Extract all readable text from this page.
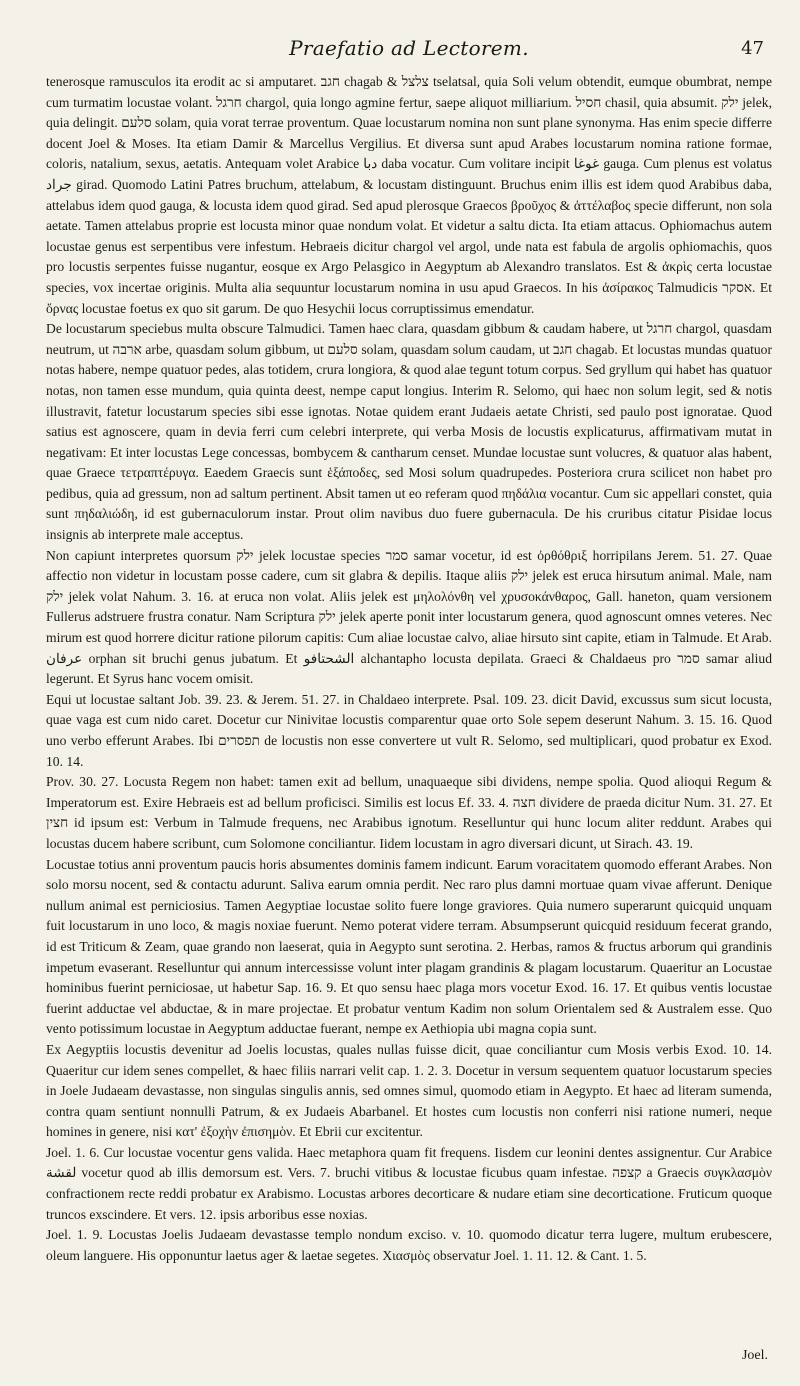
Praefatio ad Lectorem.	47

tenerosque ramusculos ita erodit ac si amputaret. חגב chagab & צלצל tselatsal, quia Soli velum obtendit, eumque obumbrat, nempe cum turmatim locustae volant. חרגל chargol, quia longo agmine fertur, saepe aliquot milliarium. חסיל chasil, quia absumit. ילק jelek, quia delingit. סלעם solam, quia vorat terrae proventum. Quae locustarum nomina non sunt plane synonyma. Has enim specie differre docent Joel & Moses. Ita etiam Damir & Marcellus Vergilius. Et diversa sunt apud Arabes locustarum nomina ratione formae, coloris, natalium, sexus, aetatis. Antequam volet Arabice دبا daba vocatur. Cum volitare incipit غوغا gauga. Cum plenus est volatus جراد girad. Quomodo Latini Patres bruchum, attelabum, & locustam distinguunt. Bruchus enim illis est idem quod Arabibus daba, attelabus idem quod gauga, & locusta idem quod girad. Sed apud plerosque Graecos βροῦχος & ἀττέλαβος specie differunt, non sola aetate. Tamen attelabus proprie est locusta minor quae nondum volat. Et videtur a saltu dicta. Ita etiam attacus. Ophiomachus autem locustae genus est serpentibus vere infestum. Hebraeis dicitur chargol vel argol, unde nata est fabula de argolis ophiomachis, quos pro locustis serpentes fuisse nugantur, eosque ex Argo Pelasgico in Aegyptum ab Alexandro translatos. Est & ἀκρὶς certa locustae species, vox incertae originis. Multa alia sequuntur locustarum nomina in usu apud Graecos. In his ἀσίρακος Talmudicis אסקר. Et ὄρνας locustae foetus ex quo sit garum. De quo Hesychii locus corruptissimus emendatur.

De locustarum speciebus multa obscure Talmudici. Tamen haec clara, quasdam gibbum & caudam habere, ut חרגל chargol, quasdam neutrum, ut ארבה arbe, quasdam solum gibbum, ut סלעם solam, quasdam solum caudam, ut חגב chagab. Et locustas mundas quatuor notas habere, nempe quatuor pedes, alas totidem, crura longiora, & quod alae tegunt totum corpus. Sed gryllum qui habet has quatuor notas, non tamen esse mundum, quia quinta deest, nempe caput longius. Interim R. Selomo, qui haec non solum legit, sed & notis illustravit, fatetur locustarum species sibi esse ignotas. Notae quidem erant Judaeis aetate Christi, sed paulo post ignoratae. Quod satius est agnoscere, quam in devia ferri cum celebri interprete, qui verba Mosis de locustis explicaturus, affirmativam mutat in negativam: Et inter locustas Lege concessas, bombycem & cantharum censet. Mundae locustae sunt volucres, & quatuor alas habent, quae Graece τετραπτέρυγα. Eaedem Graecis sunt ἑξάποδες, sed Mosi solum quadrupedes. Posteriora crura scilicet non habet pro pedibus, quia ad gressum, non ad saltum pertinent. Absit tamen ut eo referam quod πηδάλια vocantur. Cum sic appellari constet, quia sunt πηδαλιώδη, id est gubernaculorum instar. Prout olim navibus duo fuere gubernacula. De his cruribus citatur Pisidae locus insignis ab interprete male acceptus.

Non capiunt interpretes quorsum ילק jelek locustae species סמר samar vocetur, id est ὀρθόθριξ horripilans Jerem. 51. 27. Quae affectio non videtur in locustam posse cadere, cum sit glabra & depilis. Itaque aliis ילק jelek est eruca hirsutum animal. Male, nam ילק jelek volat Nahum. 3. 16. at eruca non volat. Aliis jelek est μηλολόνθη vel χρυσοκάνθαρος, Gall. haneton, quam versionem Fullerus adstruere frustra conatur. Nam Scriptura ילק jelek aperte ponit inter locustarum genera, quod agnoscunt omnes veteres. Nec mirum est quod horrere dicitur ratione pilorum capitis: Cum aliae locustae calvo, aliae hirsuto sint capite, etiam in Talmude. Et Arab. عرفان orphan sit bruchi genus jubatum. Et الشحتافو alchantapho locusta depilata. Graeci & Chaldaeus pro סמר samar aliud legerunt. Et Syrus hanc vocem omisit.

Equi ut locustae saltant Job. 39. 23. & Jerem. 51. 27. in Chaldaeo interprete. Psal. 109. 23. dicit David, excussus sum sicut locusta, quae vaga est cum nido caret. Docetur cur Ninivitae locustis comparentur quae orto Sole sepem deserunt Nahum. 3. 15. 16. Quod uno verbo efferunt Arabes. Ibi תפסרים de locustis non esse convertere ut vult R. Selomo, sed multiplicari, quod probatur ex Exod. 10. 14.

Prov. 30. 27. Locusta Regem non habet: tamen exit ad bellum, unaquaeque sibi dividens, nempe spolia. Quod alioqui Regum & Imperatorum est. Exire Hebraeis est ad bellum proficisci. Similis est locus Ef. 33. 4. חצה dividere de praeda dicitur Num. 31. 27. Et חצין id ipsum est: Verbum in Talmude frequens, nec Arabibus ignotum. Reselluntur qui hunc locum aliter reddunt. Arabes qui locustas ducem habere scribunt, cum Solomone conciliantur. Iidem locustam in agro diversari dicunt, ut Sirach. 43. 19.

Locustae totius anni proventum paucis horis absumentes dominis famem indicunt. Earum voracitatem quomodo efferant Arabes. Non solo morsu nocent, sed & contactu adurunt. Saliva earum omnia perdit. Nec raro plus damni mortuae quam vivae afferunt. Denique nullum animal est perniciosius. Tamen Aegyptiae locustae solito fuere longe graviores. Quia numero superarunt quicquid unquam fuit locustarum in uno loco, & magis noxiae fuerunt. Nemo poterat videre terram. Absumpserunt quicquid residuum fecerat grando, id est Triticum & Zeam, quae grando non laeserat, quia in Aegypto sunt serotina. 2. Herbas, ramos & fructus arborum qui grandinis impetum evaserant. Reselluntur qui annum intercessisse volunt inter plagam grandinis & plagam locustarum. Quaeritur an Locustae hominibus fuerint perniciosae, ut habetur Sap. 16. 9. Et quo sensu haec plaga mors vocetur Exod. 16. 17. Et quibus ventis locustae fuerint adductae vel abductae, & in mare projectae. Et probatur ventum Kadim non solum Orientalem sed & Australem esse. Quo vento potissimum locustae in Aegyptum adductae fuerant, nempe ex Aethiopia ubi magna copia sunt.

Ex Aegyptiis locustis devenitur ad Joelis locustas, quales nullas fuisse dicit, quae conciliantur cum Mosis verbis Exod. 10. 14. Quaeritur cur idem senes compellet, & haec filiis narrari velit cap. 1. 2. 3. Docetur in versum sequentem quatuor locustarum species in Joele Judaeam devastasse, non singulas singulis annis, sed omnes simul, quomodo etiam in Aegypto. Et haec ad literam sumenda, contra quam sentiunt nonnulli Patrum, & ex Judaeis Abarbanel. Et hostes cum locustis non conferri nisi ratione numeri, neque homines in genere, nisi κατ' ἐξοχὴν ἐπισημὸν. Et Ebrii cur excitentur.

Joel. 1. 6. Cur locustae vocentur gens valida. Haec metaphora quam fit frequens. Iisdem cur leonini dentes assignentur. Cur Arabice لقشة vocetur quod ab illis demorsum est. Vers. 7. bruchi vitibus & locustae ficubus quam infestae. קצפה a Graecis συγκλασμὸν confractionem recte reddi probatur ex Arabismo. Locustas arbores decorticare & nudare etiam sine decorticatione. Fruticum quoque truncos exscindere. Et vers. 12. ipsis arboribus esse noxias.

Joel. 1. 9. Locustas Joelis Judaeam devastasse templo nondum exciso. v. 10. quomodo dicatur terra lugere, multum erubescere, oleum languere. His opponuntur laetus ager & laetae segetes. Χιασμὸς observatur Joel. 1. 11. 12. & Cant. 1. 5.

Joel.
